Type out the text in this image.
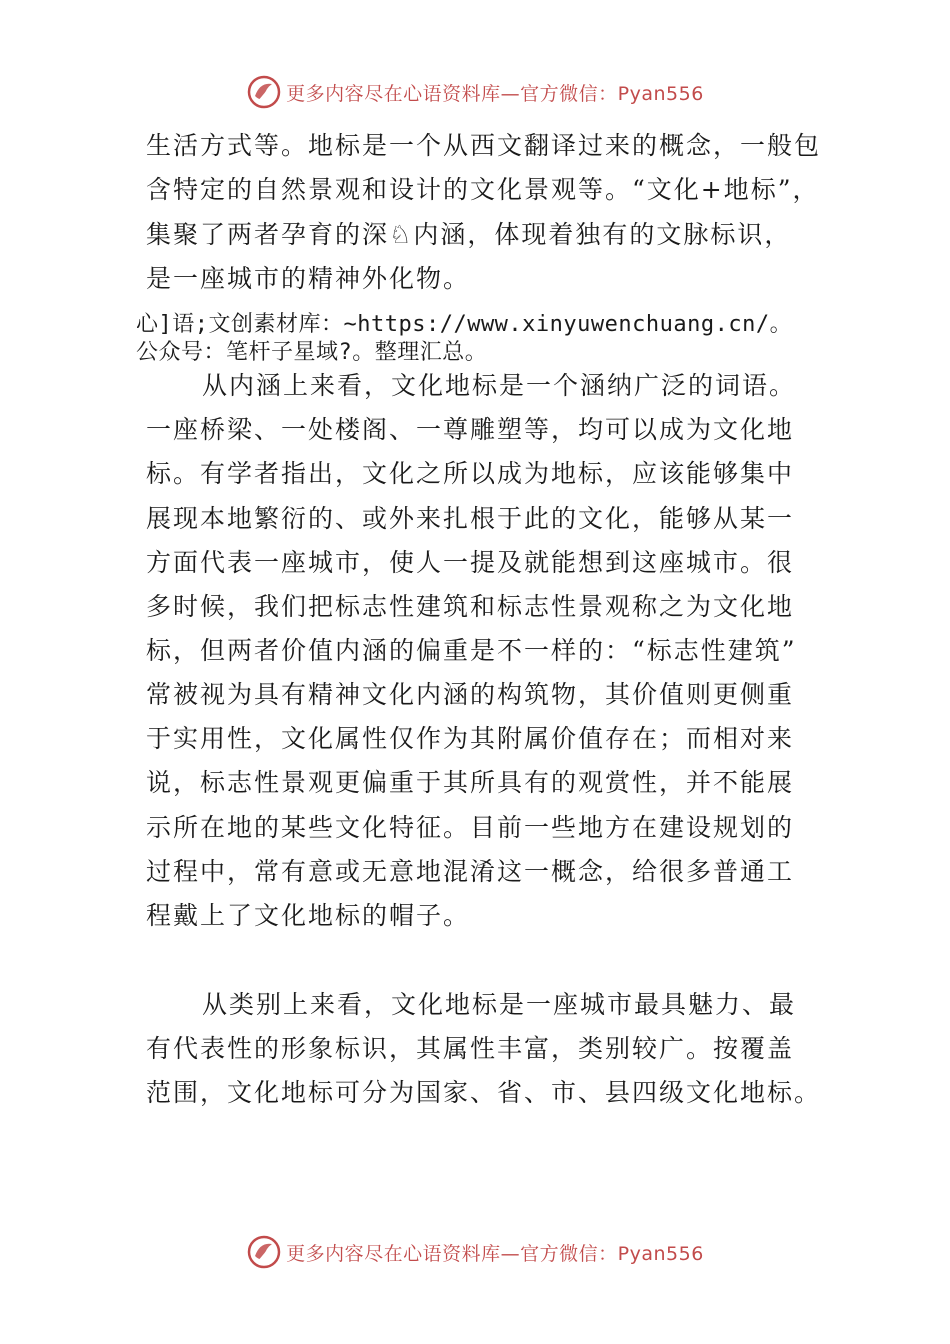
更多内容尽在心语资料库—官方微信：Pyan556
生活方式等。地标是一个从西文翻译过来的概念，一般包
含特定的自然景观和设计的文化景观等。“文化+地标”，
集聚了两者孕育的深♘内涵，体现着独有的文脉标识，
是一座城市的精神外化物。
心]语;文创素材库：~https://www.xinyuwenchuang.cn/。
公众号：笔杆子星域?。整理汇总。
从内涵上来看，文化地标是一个涵纳广泛的词语。
一座桥梁、一处楼阁、一尊雕塑等，均可以成为文化地
标。有学者指出，文化之所以成为地标，应该能够集中
展现本地繁衍的、或外来扎根于此的文化，能够从某一
方面代表一座城市，使人一提及就能想到这座城市。很
多时候，我们把标志性建筑和标志性景观称之为文化地
标，但两者价值内涵的偏重是不一样的：“标志性建筑”
常被视为具有精神文化内涵的构筑物，其价值则更侧重
于实用性，文化属性仅作为其附属价值存在；而相对来
说，标志性景观更偏重于其所具有的观赏性，并不能展
示所在地的某些文化特征。目前一些地方在建设规划的
过程中，常有意或无意地混淆这一概念，给很多普通工
程戴上了文化地标的帽子。
从类别上来看，文化地标是一座城市最具魅力、最
有代表性的形象标识，其属性丰富，类别较广。按覆盖
范围，文化地标可分为国家、省、市、县四级文化地标。
更多内容尽在心语资料库—官方微信：Pyan556
